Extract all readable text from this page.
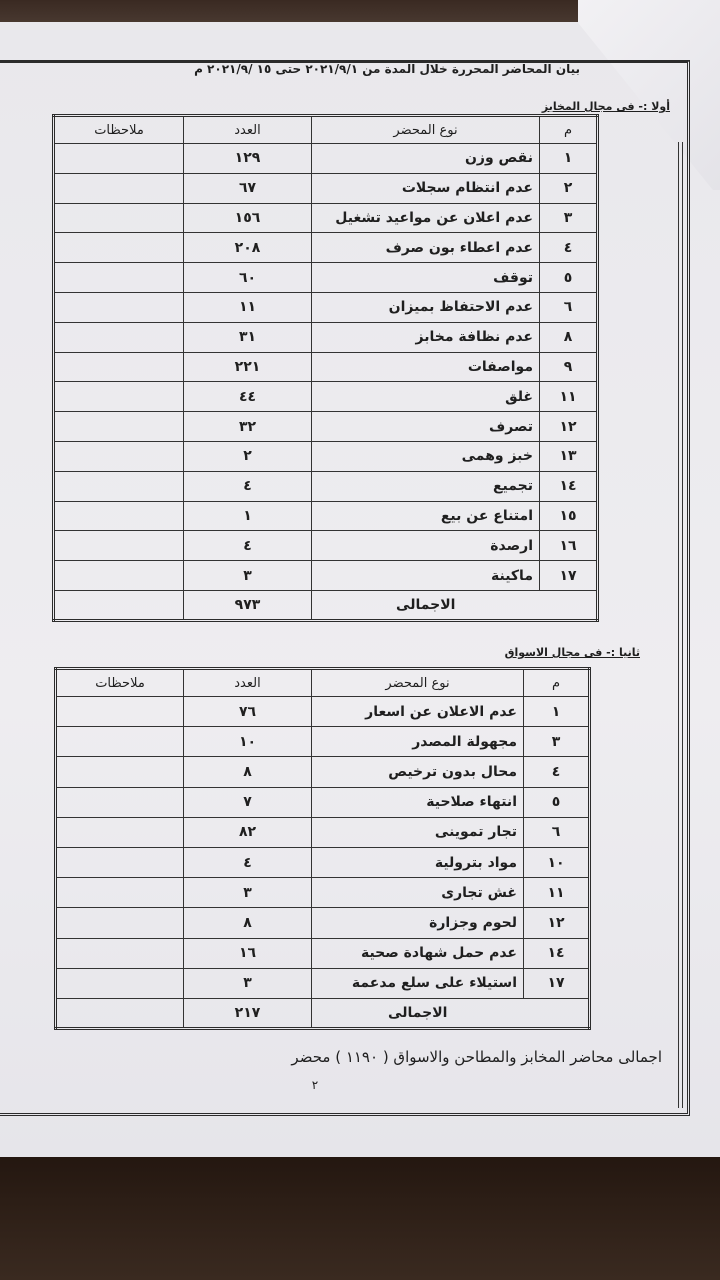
بيان المحاضر المحررة خلال المدة من ٢٠٢١/٩/١ حتى ١٥ /٢٠٢١/٩ م
أولا :- فى مجال المخابز
م	نوع المحضر	العدد	ملاحظات
١	نقص وزن	١٢٩	
٢	عدم انتظام سجلات	٦٧	
٣	عدم اعلان عن مواعيد تشغيل	١٥٦	
٤	عدم اعطاء بون صرف	٢٠٨	
٥	توقف	٦٠	
٦	عدم الاحتفاظ بميزان	١١	
٨	عدم نظافة مخابز	٣١	
٩	مواصفات	٢٢١	
١١	غلق	٤٤	
١٢	تصرف	٣٢	
١٣	خبز وهمى	٢	
١٤	تجميع	٤	
١٥	امتناع عن بيع	١	
١٦	ارصدة	٤	
١٧	ماكينة	٣	
	الاجمالى	٩٧٣	
ثانيا :- فى مجال الاسواق
م	نوع المحضر	العدد	ملاحظات
١	عدم الاعلان عن اسعار	٧٦	
٣	مجهولة المصدر	١٠	
٤	محال بدون ترخيص	٨	
٥	انتهاء صلاحية	٧	
٦	تجار تموينى	٨٢	
١٠	مواد بترولية	٤	
١١	غش تجارى	٣	
١٢	لحوم وجزارة	٨	
١٤	عدم حمل شهادة صحية	١٦	
١٧	استيلاء على سلع مدعمة	٣	
	الاجمالى	٢١٧	
اجمالى محاضر المخابز والمطاحن والاسواق ( ١١٩٠ ) محضر
٢
